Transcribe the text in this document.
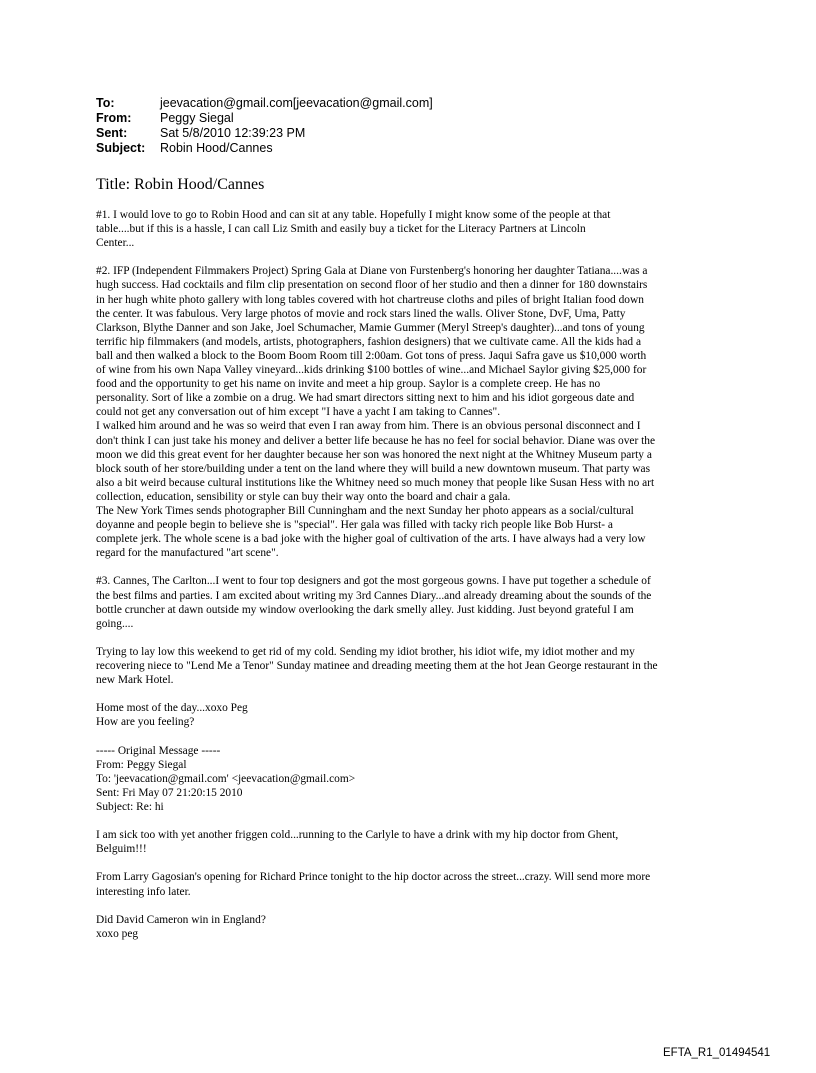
To:	jeevacation@gmail.com[jeevacation@gmail.com]
From:	Peggy Siegal
Sent:	Sat 5/8/2010 12:39:23 PM
Subject:	Robin Hood/Cannes
Title: Robin Hood/Cannes
#1. I would love to go to Robin Hood and can sit at any table. Hopefully I might know some of the people at that
table....but if this is a hassle, I can call Liz Smith and easily buy a ticket for the Literacy Partners at Lincoln
Center...
#2. IFP (Independent Filmmakers Project) Spring Gala at Diane von Furstenberg's honoring her daughter Tatiana....was a
hugh success. Had cocktails and film clip presentation on second floor of her studio and then a dinner for 180 downstairs
in her hugh white photo gallery with long tables covered with hot chartreuse cloths and piles of bright Italian food down
the center. It was fabulous. Very large photos of movie and rock stars lined the walls. Oliver Stone, DvF, Uma, Patty
Clarkson, Blythe Danner and son Jake, Joel Schumacher, Mamie Gummer (Meryl Streep's daughter)...and tons of young
terrific hip filmmakers (and models, artists, photographers, fashion designers) that we cultivate came. All the kids had a
ball and then walked a block to the Boom Boom Room till 2:00am. Got tons of press. Jaqui Safra gave us $10,000 worth
of wine from his own Napa Valley vineyard...kids drinking $100 bottles of wine...and Michael Saylor giving $25,000 for
food and the opportunity to get his name on invite and meet a hip group. Saylor is a complete creep. He has no
personality. Sort of like a zombie on a drug. We had smart directors sitting next to him and his idiot gorgeous date and
could not get any conversation out of him except "I have a yacht I am taking to Cannes".
I walked him around and he was so weird that even I ran away from him. There is an obvious personal disconnect and I
don't think I can just take his money and deliver a better life because he has no feel for social behavior. Diane was over the
moon we did this great event for her daughter because her son was honored the next night at the Whitney Museum party a
block south of her store/building under a tent on the land where they will build a new downtown museum. That party was
also a bit weird because cultural institutions like the Whitney need so much money that people like Susan Hess with no art
collection, education, sensibility or style can buy their way onto the board and chair a gala.
The New York Times sends photographer Bill Cunningham and the next Sunday her photo appears as a social/cultural
doyanne and people begin to believe she is "special". Her gala was filled with tacky rich people like Bob Hurst- a
complete jerk. The whole scene is a bad joke with the higher goal of cultivation of the arts. I have always had a very low
regard for the manufactured "art scene".
#3. Cannes, The Carlton...I went to four top designers and got the most gorgeous gowns. I have put together a schedule of
the best films and parties. I am excited about writing my 3rd Cannes Diary...and already dreaming about the sounds of the
bottle cruncher at dawn outside my window overlooking the dark smelly alley. Just kidding. Just beyond grateful I am
going....
Trying to lay low this weekend to get rid of my cold. Sending my idiot brother, his idiot wife, my idiot mother and my
recovering niece to "Lend Me a Tenor" Sunday matinee and dreading meeting them at the hot Jean George restaurant in the
new Mark Hotel.
Home most of the day...xoxo Peg
How are you feeling?
----- Original Message -----
From: Peggy Siegal
To: 'jeevacation@gmail.com' <jeevacation@gmail.com>
Sent: Fri May 07 21:20:15 2010
Subject: Re: hi
I am sick too with yet another friggen cold...running to the Carlyle to have a drink with my hip doctor from Ghent,
Belguim!!!
From Larry Gagosian's opening for Richard Prince tonight to the hip doctor across the street...crazy. Will send more more
interesting info later.
Did David Cameron win in England?
xoxo peg
EFTA_R1_01494541
